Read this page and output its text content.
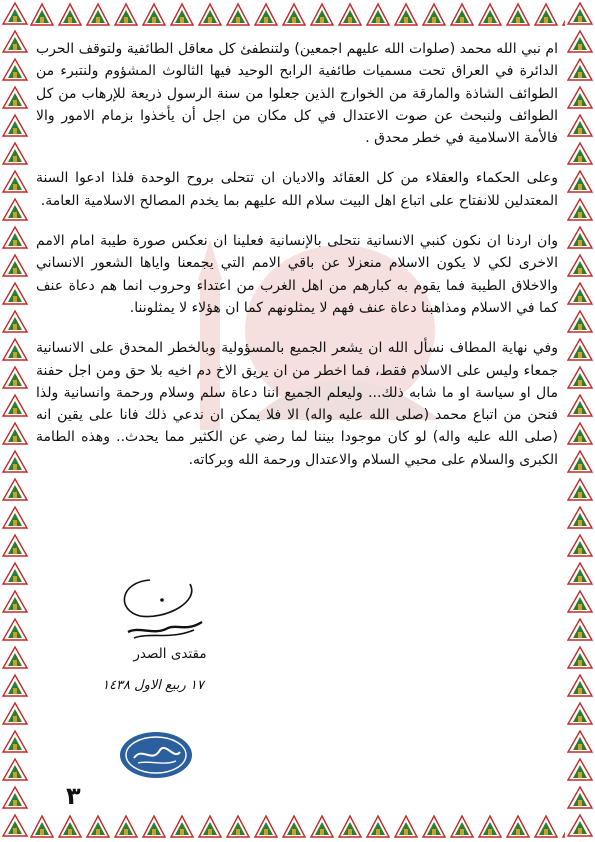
ام نبي الله محمد (صلوات الله عليهم اجمعين) ولتنطفئ كل معاقل الطائفية ولتوقف الحرب الدائرة في العراق تحت مسميات طائفية الرابح الوحيد فيها الثالوث المشؤوم ولنتبرء من الطوائف الشاذة والمارقة من الخوارج الذين جعلوا من سنة الرسول ذريعة للإرهاب من كل الطوائف ولنبحث عن صوت الاعتدال في كل مكان من اجل أن يأخذوا بزمام الامور والا فالأمة الاسلامية في خطر محدق .

وعلى الحكماء والعقلاء من كل العقائد والاديان ان تتحلى بروح الوحدة فلذا ادعوا السنة المعتدلين للانفتاح على اتباع اهل البيت سلام الله عليهم بما يخدم المصالح الاسلامية العامة.

وان اردنا ان نكون كنبي الانسانية نتحلى بالإنسانية فعلينا ان نعكس صورة طيبة امام الامم الاخرى لكي لا يكون الاسلام منعزلا عن باقي الامم التي يجمعنا واياها الشعور الانساني والاخلاق الطيبة فما يقوم به كبارهم من اهل الغرب من اعتداء وحروب انما هم دعاة عنف كما في الاسلام ومذاهبنا دعاة عنف فهم لا يمثلونهم كما ان هؤلاء لا يمثلوننا.

وفي نهاية المطاف نسأل الله ان يشعر الجميع بالمسؤولية وبالخطر المحدق على الانسانية جمعاء وليس على الاسلام فقط، فما اخطر من ان يريق الاخ دم اخيه بلا حق ومن اجل حفنة مال او سياسة او ما شابه ذلك... وليعلم الجميع اننا دعاة سلم وسلام ورحمة وانسانية ولذا فنحن من اتباع محمد (صلى الله عليه واله) الا فلا يمكن ان ندعي ذلك فانا على يقين انه (صلى الله عليه واله) لو كان موجودا بيننا لما رضي عن الكثير مما يحدث.. وهذه الطامة الكبرى والسلام على محبي السلام والاعتدال ورحمة الله وبركاته.

مقتدى الصدر
١٧ ربيع الاول ١٤٣٨
٣
